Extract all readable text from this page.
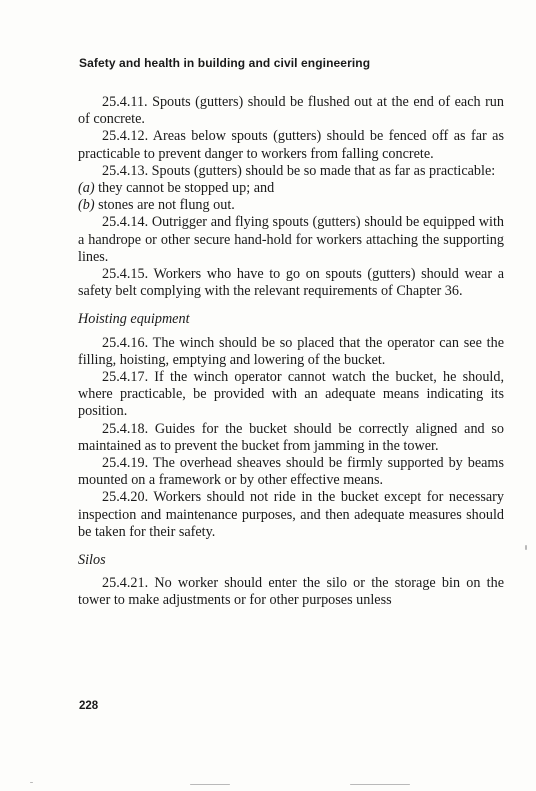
Safety and health in building and civil engineering

25.4.11. Spouts (gutters) should be flushed out at the end of each run of concrete.

25.4.12. Areas below spouts (gutters) should be fenced off as far as practicable to prevent danger to workers from falling concrete.

25.4.13. Spouts (gutters) should be so made that as far as practicable:

(a) they cannot be stopped up; and

(b) stones are not flung out.

25.4.14. Outrigger and flying spouts (gutters) should be equipped with a handrope or other secure hand-hold for workers attaching the supporting lines.

25.4.15. Workers who have to go on spouts (gutters) should wear a safety belt complying with the relevant requirements of Chapter 36.

Hoisting equipment

25.4.16. The winch should be so placed that the operator can see the filling, hoisting, emptying and lowering of the bucket.

25.4.17. If the winch operator cannot watch the bucket, he should, where practicable, be provided with an adequate means indicating its position.

25.4.18. Guides for the bucket should be correctly aligned and so maintained as to prevent the bucket from jamming in the tower.

25.4.19. The overhead sheaves should be firmly supported by beams mounted on a framework or by other effective means.

25.4.20. Workers should not ride in the bucket except for necessary inspection and maintenance purposes, and then adequate measures should be taken for their safety.

Silos

25.4.21. No worker should enter the silo or the storage bin on the tower to make adjustments or for other purposes unless

228
